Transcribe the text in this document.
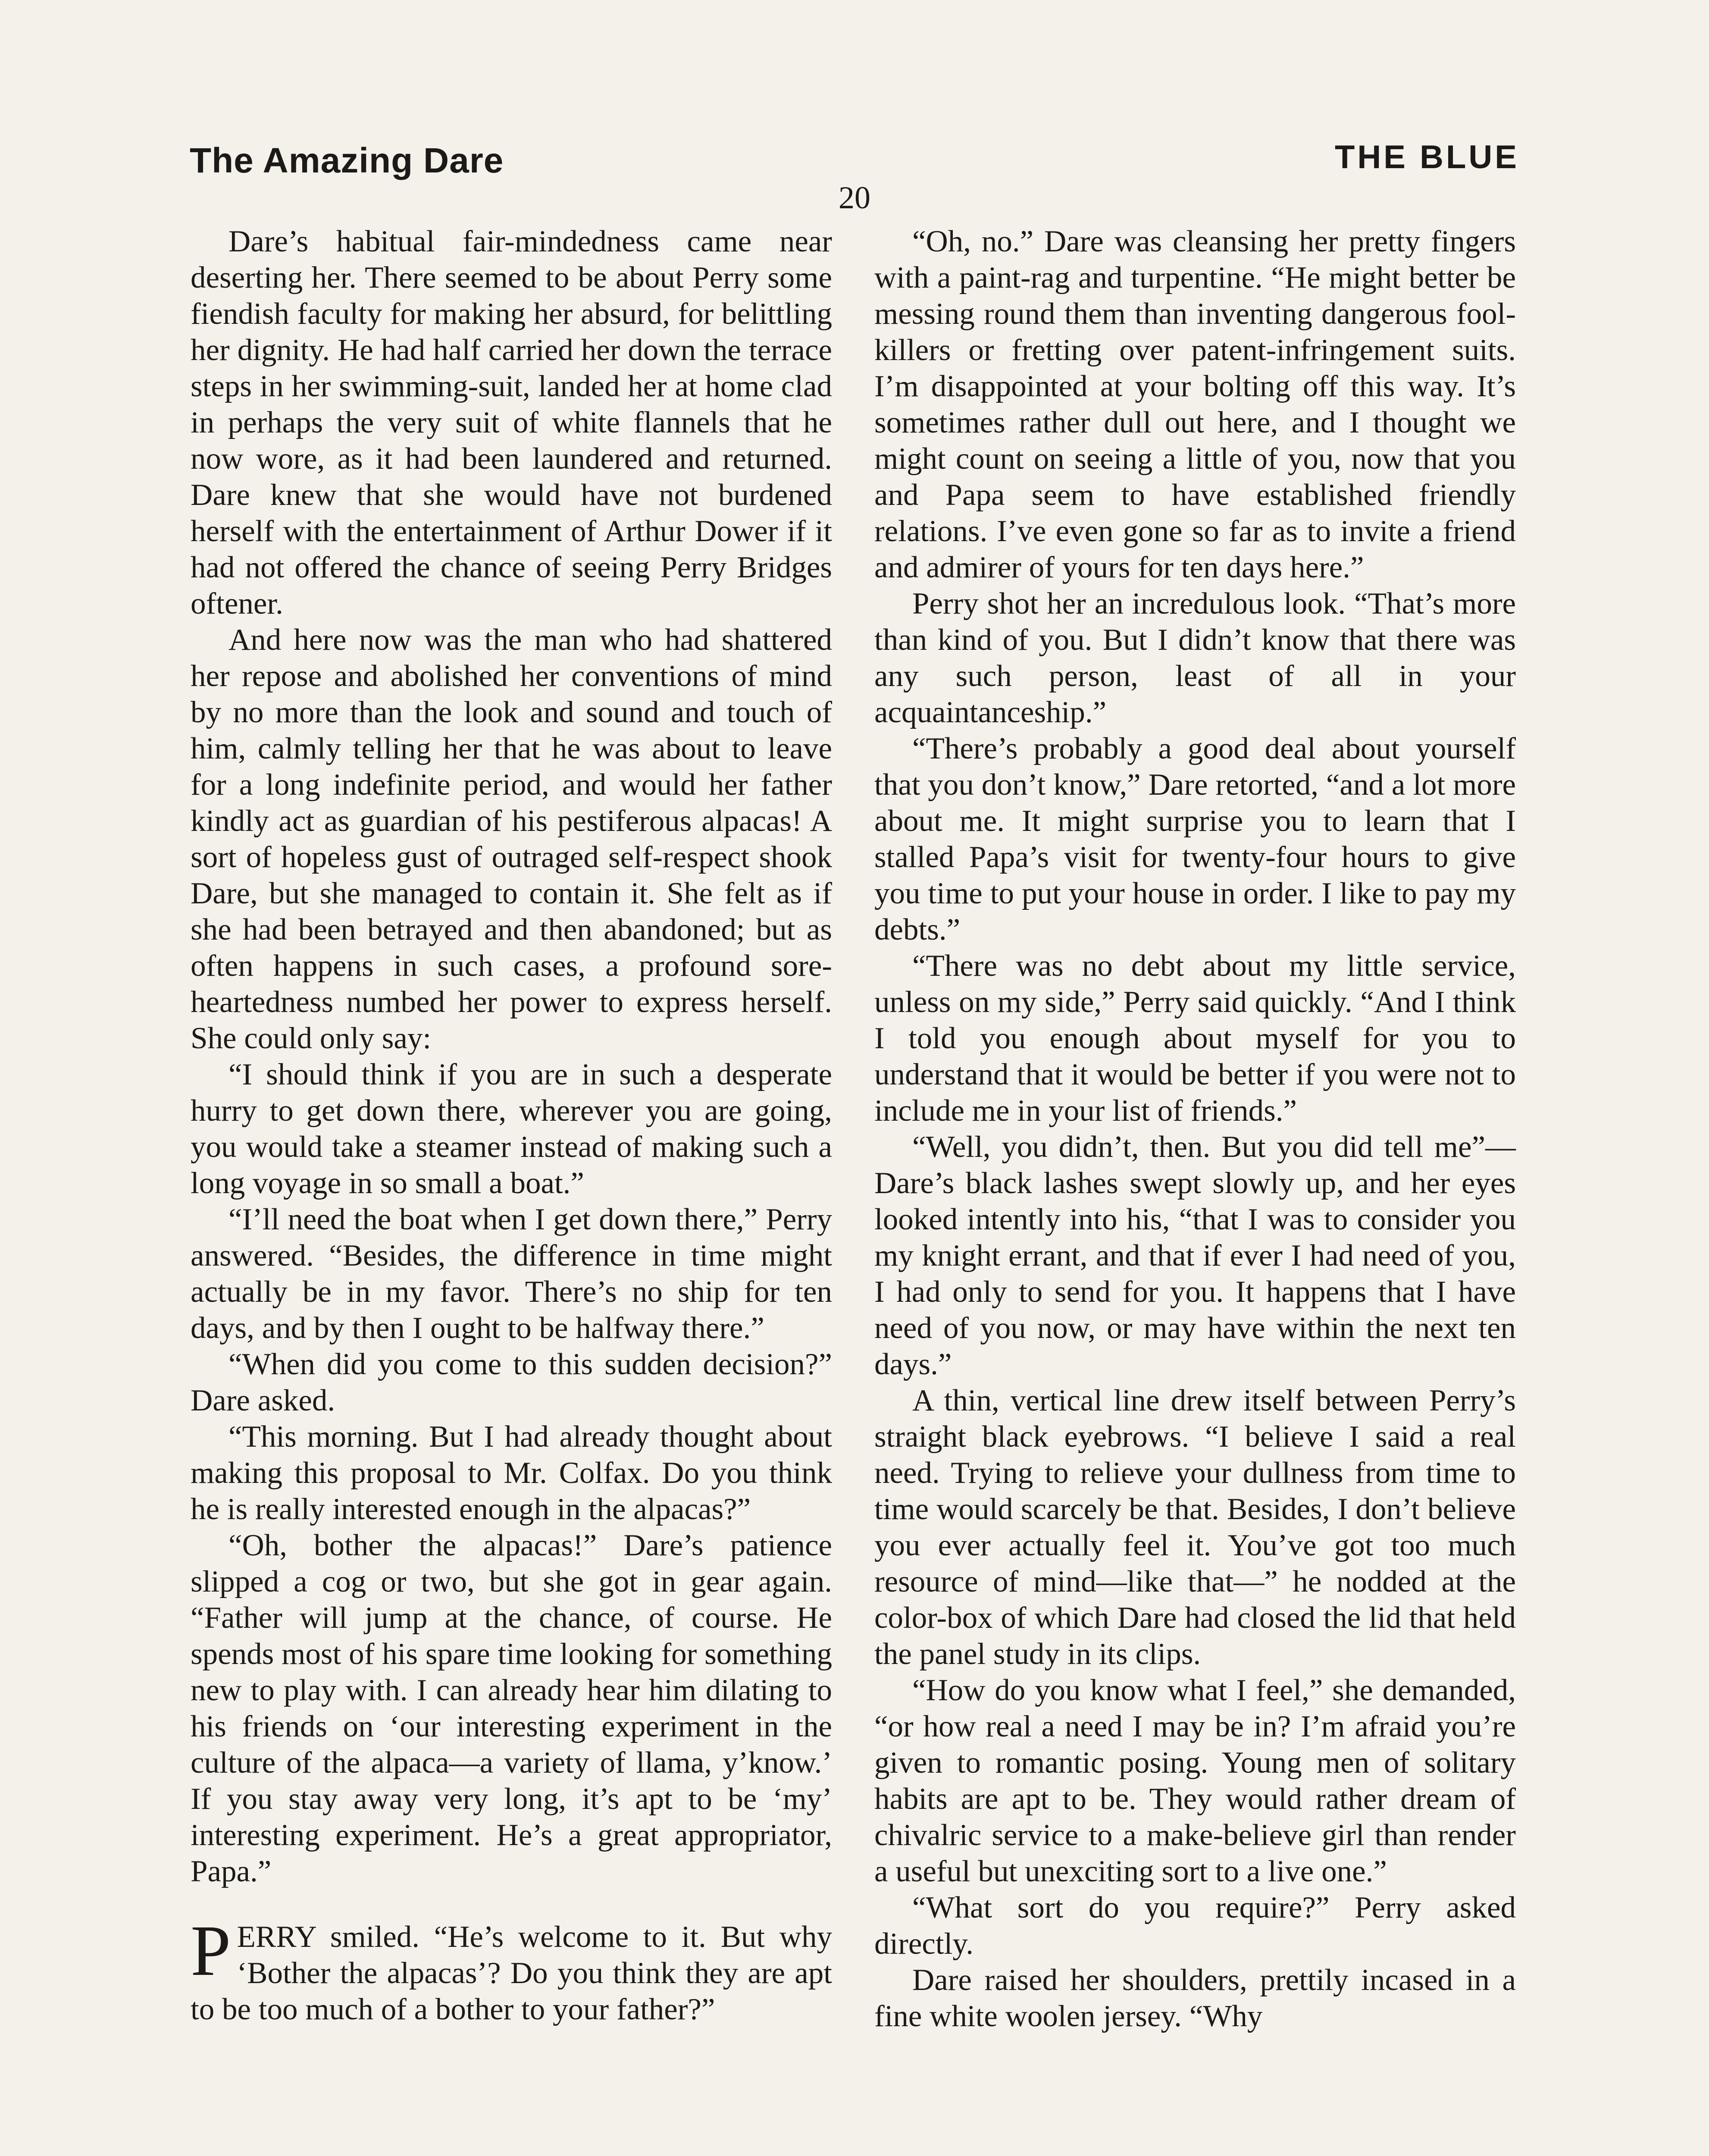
The Amazing Dare	THE BLUE
20

Dare’s habitual fair-mindedness came near deserting her. There seemed to be about Perry some fiendish faculty for making her absurd, for belittling her dignity. He had half carried her down the terrace steps in her swimming-suit, landed her at home clad in perhaps the very suit of white flannels that he now wore, as it had been laundered and returned. Dare knew that she would have not burdened herself with the entertainment of Arthur Dower if it had not offered the chance of seeing Perry Bridges oftener.

And here now was the man who had shattered her repose and abolished her conventions of mind by no more than the look and sound and touch of him, calmly telling her that he was about to leave for a long indefinite period, and would her father kindly act as guardian of his pestiferous alpacas! A sort of hopeless gust of outraged self-respect shook Dare, but she managed to contain it. She felt as if she had been betrayed and then abandoned; but as often happens in such cases, a profound sore-heartedness numbed her power to express herself. She could only say:

“I should think if you are in such a desperate hurry to get down there, wherever you are going, you would take a steamer instead of making such a long voyage in so small a boat.”

“I’ll need the boat when I get down there,” Perry answered. “Besides, the difference in time might actually be in my favor. There’s no ship for ten days, and by then I ought to be halfway there.”

“When did you come to this sudden decision?” Dare asked.

“This morning. But I had already thought about making this proposal to Mr. Colfax. Do you think he is really interested enough in the alpacas?”

“Oh, bother the alpacas!” Dare’s patience slipped a cog or two, but she got in gear again. “Father will jump at the chance, of course. He spends most of his spare time looking for something new to play with. I can already hear him dilating to his friends on ‘our interesting experiment in the culture of the alpaca—a variety of llama, y’know.’ If you stay away very long, it’s apt to be ‘my’ interesting experiment. He’s a great appropriator, Papa.”

PERRY smiled. “He’s welcome to it. But why ‘Bother the alpacas’? Do you think they are apt to be too much of a bother to your father?”

“Oh, no.” Dare was cleansing her pretty fingers with a paint-rag and turpentine. “He might better be messing round them than inventing dangerous fool-killers or fretting over patent-infringement suits. I’m disappointed at your bolting off this way. It’s sometimes rather dull out here, and I thought we might count on seeing a little of you, now that you and Papa seem to have established friendly relations. I’ve even gone so far as to invite a friend and admirer of yours for ten days here.”

Perry shot her an incredulous look. “That’s more than kind of you. But I didn’t know that there was any such person, least of all in your acquaintanceship.”

“There’s probably a good deal about yourself that you don’t know,” Dare retorted, “and a lot more about me. It might surprise you to learn that I stalled Papa’s visit for twenty-four hours to give you time to put your house in order. I like to pay my debts.”

“There was no debt about my little service, unless on my side,” Perry said quickly. “And I think I told you enough about myself for you to understand that it would be better if you were not to include me in your list of friends.”

“Well, you didn’t, then. But you did tell me”— Dare’s black lashes swept slowly up, and her eyes looked intently into his, “that I was to consider you my knight errant, and that if ever I had need of you, I had only to send for you. It happens that I have need of you now, or may have within the next ten days.”

A thin, vertical line drew itself between Perry’s straight black eyebrows. “I believe I said a real need. Trying to relieve your dullness from time to time would scarcely be that. Besides, I don’t believe you ever actually feel it. You’ve got too much resource of mind—like that—” he nodded at the color-box of which Dare had closed the lid that held the panel study in its clips.

“How do you know what I feel,” she demanded, “or how real a need I may be in? I’m afraid you’re given to romantic posing. Young men of solitary habits are apt to be. They would rather dream of chivalric service to a make-believe girl than render a useful but unexciting sort to a live one.”

“What sort do you require?” Perry asked directly.

Dare raised her shoulders, prettily incased in a fine white woolen jersey. “Why
